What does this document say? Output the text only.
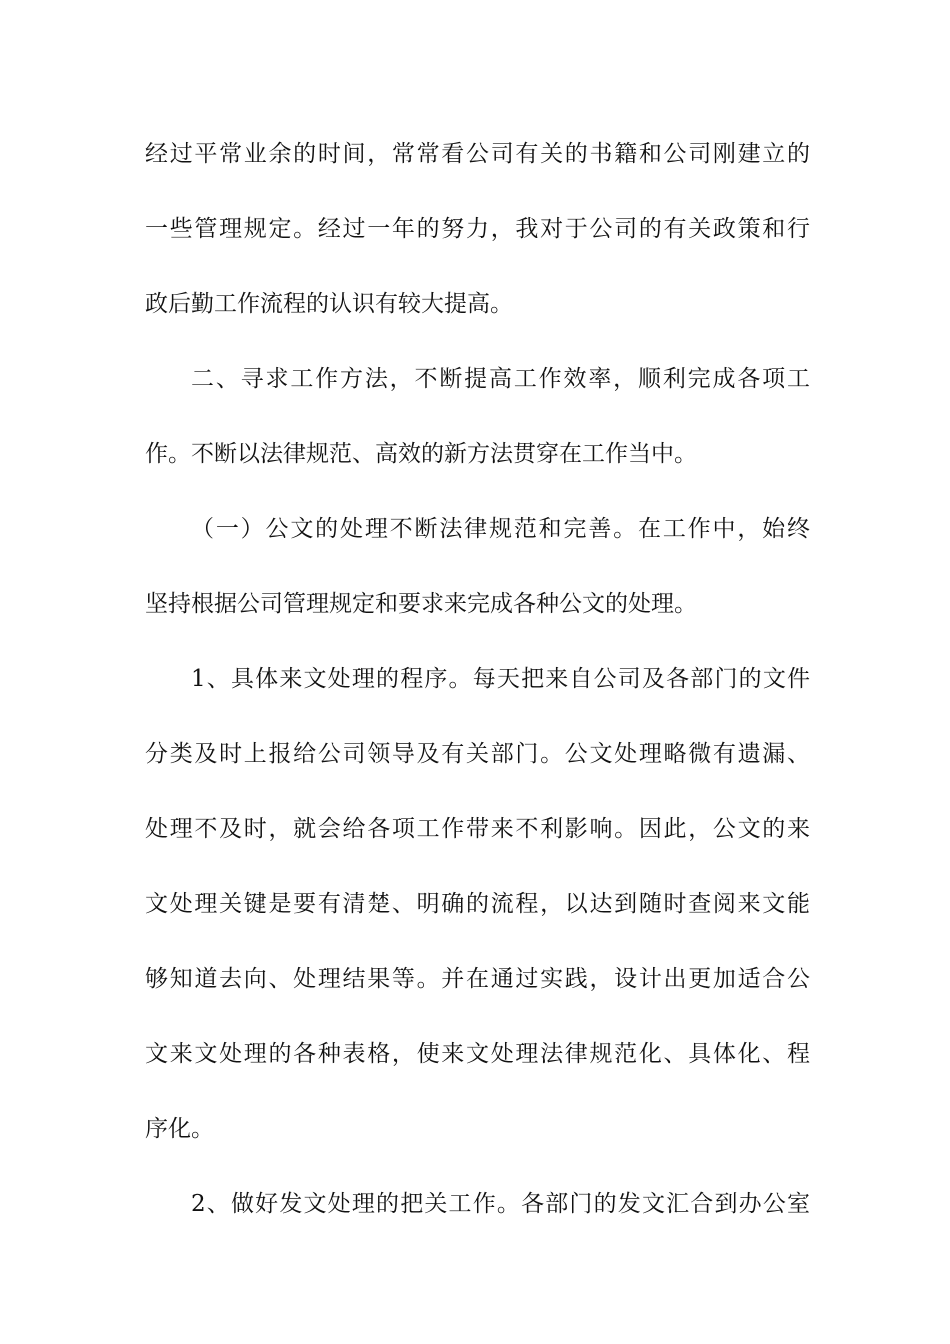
经过平常业余的时间，常常看公司有关的书籍和公司刚建立的
一些管理规定。经过一年的努力，我对于公司的有关政策和行
政后勤工作流程的认识有较大提高。
二、寻求工作方法，不断提高工作效率，顺利完成各项工
作。不断以法律规范、高效的新方法贯穿在工作当中。
（一）公文的处理不断法律规范和完善。在工作中，始终
坚持根据公司管理规定和要求来完成各种公文的处理。
1、具体来文处理的程序。每天把来自公司及各部门的文件
分类及时上报给公司领导及有关部门。公文处理略微有遗漏、
处理不及时，就会给各项工作带来不利影响。因此，公文的来
文处理关键是要有清楚、明确的流程，以达到随时查阅来文能
够知道去向、处理结果等。并在通过实践，设计出更加适合公
文来文处理的各种表格，使来文处理法律规范化、具体化、程
序化。
2、做好发文处理的把关工作。各部门的发文汇合到办公室
